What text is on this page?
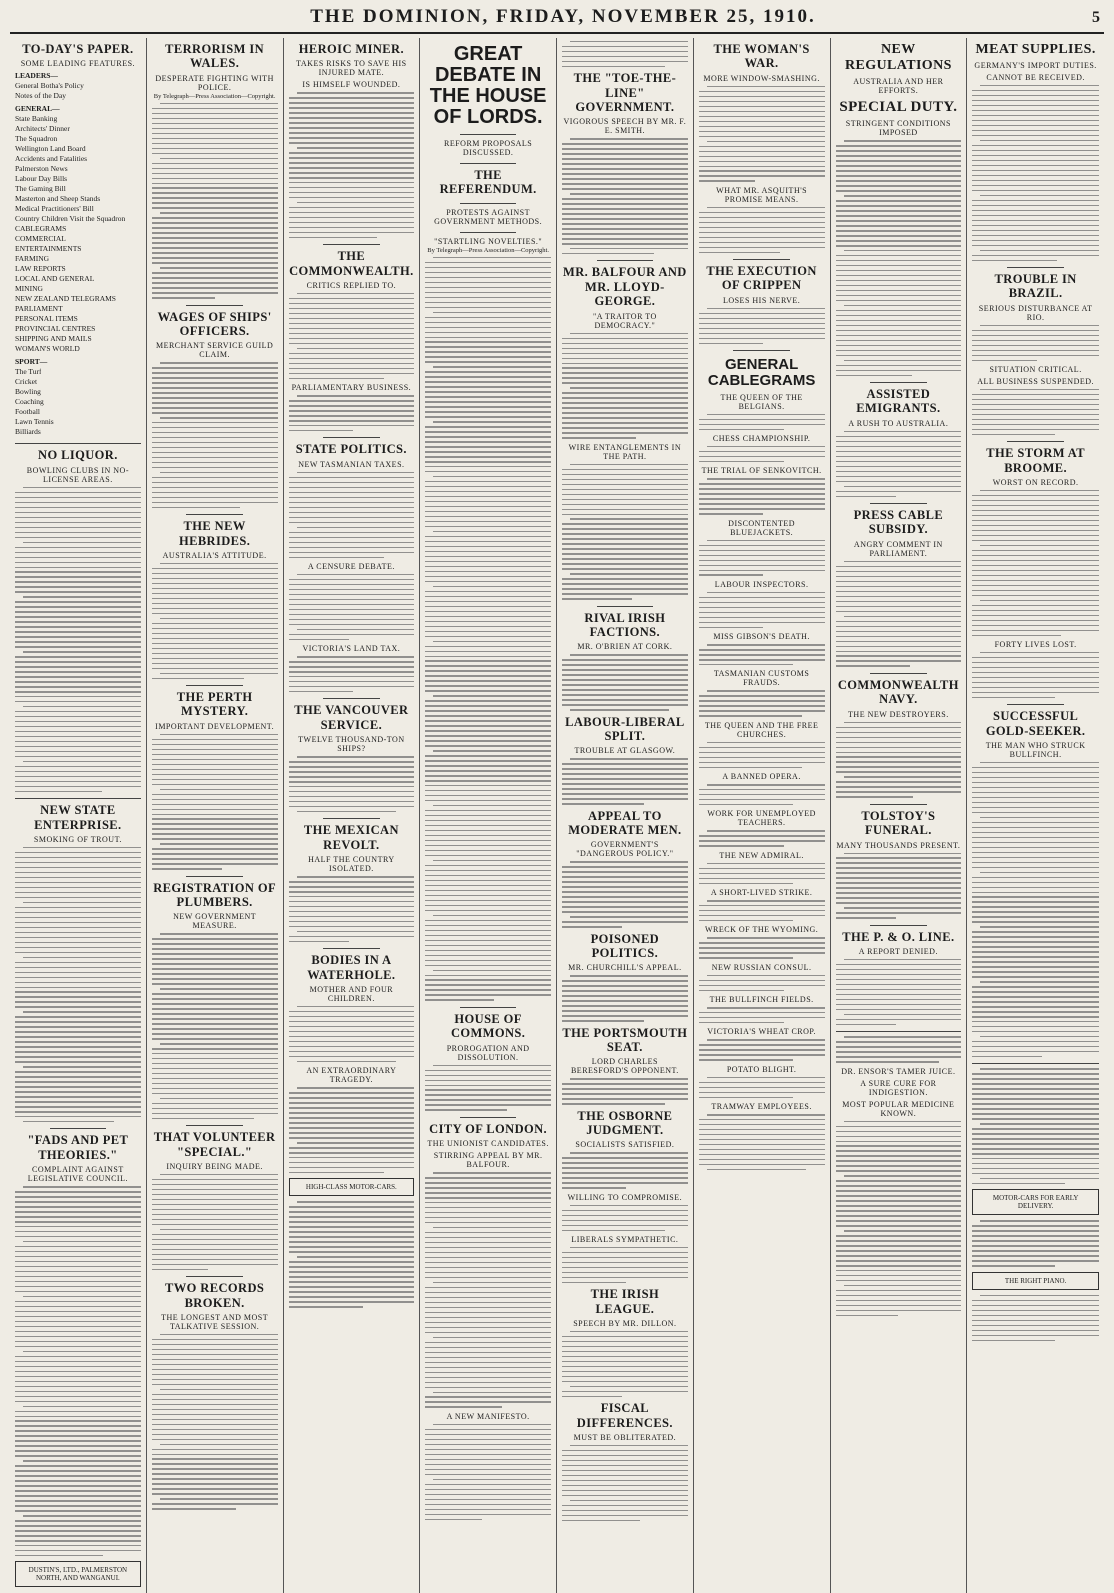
THE DOMINION, FRIDAY, NOVEMBER 25, 1910.	5
TO-DAY'S PAPER.
SOME LEADING FEATURES.
LEADERS—
General Botha's Policy
Notes of the Day
GENERAL—
State Banking
Architects' Dinner
The Squadron
Wellington Land Board
Accidents and Fatalities
Palmerston News
Labour Day Bills
The Gaming Bill
Masterton and Sheep Stands
Medical Practitioners' Bill
Country Children Visit the Squadron
CABLEGRAMS
COMMERCIAL
ENTERTAINMENTS
FARMING
LAW REPORTS
LOCAL AND GENERAL
MINING
NEW ZEALAND TELEGRAMS
PARLIAMENT
PERSONAL ITEMS
PROVINCIAL CENTRES
SHIPPING AND MAILS
WOMAN'S WORLD
SPORT—
The Turf
Cricket
Bowling
Coaching
Football
Lawn Tennis
Billiards
NO LIQUOR.
BOWLING CLUBS IN NO-LICENSE AREAS.
NEW STATE ENTERPRISE.
SMOKING OF TROUT.
"FADS AND PET THEORIES."
COMPLAINT AGAINST LEGISLATIVE COUNCIL.
DUSTIN'S, LTD., PALMERSTON NORTH, AND WANGANUI.
TERRORISM IN WALES.
DESPERATE FIGHTING WITH POLICE.
By Telegraph—Press Association—Copyright.
WAGES OF SHIPS' OFFICERS.
MERCHANT SERVICE GUILD CLAIM.
THE NEW HEBRIDES.
AUSTRALIA'S ATTITUDE.
THE PERTH MYSTERY.
IMPORTANT DEVELOPMENT.
REGISTRATION OF PLUMBERS.
NEW GOVERNMENT MEASURE.
THAT VOLUNTEER "SPECIAL."
INQUIRY BEING MADE.
TWO RECORDS BROKEN.
THE LONGEST AND MOST TALKATIVE SESSION.
HEROIC MINER.
TAKES RISKS TO SAVE HIS INJURED MATE.
IS HIMSELF WOUNDED.
THE COMMONWEALTH.
CRITICS REPLIED TO.
PARLIAMENTARY BUSINESS.
STATE POLITICS.
NEW TASMANIAN TAXES.
A CENSURE DEBATE.
VICTORIA'S LAND TAX.
THE VANCOUVER SERVICE.
TWELVE THOUSAND-TON SHIPS?
THE MEXICAN REVOLT.
HALF THE COUNTRY ISOLATED.
BODIES IN A WATERHOLE.
MOTHER AND FOUR CHILDREN.
AN EXTRAORDINARY TRAGEDY.
HIGH-CLASS MOTOR-CARS.
GREAT DEBATE IN THE HOUSE OF LORDS.
REFORM PROPOSALS DISCUSSED.
THE REFERENDUM.
PROTESTS AGAINST GOVERNMENT METHODS.
"STARTLING NOVELTIES."
By Telegraph—Press Association—Copyright.
HOUSE OF COMMONS.
PROROGATION AND DISSOLUTION.
CITY OF LONDON.
THE UNIONIST CANDIDATES.
STIRRING APPEAL BY MR. BALFOUR.
A NEW MANIFESTO.
THE "TOE-THE-LINE" GOVERNMENT.
VIGOROUS SPEECH BY MR. F. E. SMITH.
MR. BALFOUR AND MR. LLOYD-GEORGE.
"A TRAITOR TO DEMOCRACY."
WIRE ENTANGLEMENTS IN THE PATH.
RIVAL IRISH FACTIONS.
MR. O'BRIEN AT CORK.
LABOUR-LIBERAL SPLIT.
TROUBLE AT GLASGOW.
APPEAL TO MODERATE MEN.
GOVERNMENT'S "DANGEROUS POLICY."
POISONED POLITICS.
MR. CHURCHILL'S APPEAL.
THE PORTSMOUTH SEAT.
LORD CHARLES BERESFORD'S OPPONENT.
THE OSBORNE JUDGMENT.
SOCIALISTS SATISFIED.
WILLING TO COMPROMISE.
LIBERALS SYMPATHETIC.
THE IRISH LEAGUE.
SPEECH BY MR. DILLON.
FISCAL DIFFERENCES.
MUST BE OBLITERATED.
THE WOMAN'S WAR.
MORE WINDOW-SMASHING.
WHAT MR. ASQUITH'S PROMISE MEANS.
THE EXECUTION OF CRIPPEN
LOSES HIS NERVE.
GENERAL CABLEGRAMS
THE QUEEN OF THE BELGIANS.
CHESS CHAMPIONSHIP.
THE TRIAL OF SENKOVITCH.
DISCONTENTED BLUEJACKETS.
LABOUR INSPECTORS.
MISS GIBSON'S DEATH.
TASMANIAN CUSTOMS FRAUDS.
THE QUEEN AND THE FREE CHURCHES.
A BANNED OPERA.
WORK FOR UNEMPLOYED TEACHERS.
THE NEW ADMIRAL.
A SHORT-LIVED STRIKE.
WRECK OF THE WYOMING.
NEW RUSSIAN CONSUL.
THE BULLFINCH FIELDS.
VICTORIA'S WHEAT CROP.
POTATO BLIGHT.
TRAMWAY EMPLOYEES.
NEW REGULATIONS
AUSTRALIA AND HER EFFORTS.
SPECIAL DUTY.
STRINGENT CONDITIONS IMPOSED
ASSISTED EMIGRANTS.
A RUSH TO AUSTRALIA.
PRESS CABLE SUBSIDY.
ANGRY COMMENT IN PARLIAMENT.
COMMONWEALTH NAVY.
THE NEW DESTROYERS.
TOLSTOY'S FUNERAL.
MANY THOUSANDS PRESENT.
THE P. & O. LINE.
A REPORT DENIED.
DR. ENSOR'S TAMER JUICE.
A SURE CURE FOR INDIGESTION.
MOST POPULAR MEDICINE KNOWN.
MEAT SUPPLIES.
GERMANY'S IMPORT DUTIES.
CANNOT BE RECEIVED.
TROUBLE IN BRAZIL.
SERIOUS DISTURBANCE AT RIO.
SITUATION CRITICAL.
ALL BUSINESS SUSPENDED.
THE STORM AT BROOME.
WORST ON RECORD.
FORTY LIVES LOST.
SUCCESSFUL GOLD-SEEKER.
THE MAN WHO STRUCK BULLFINCH.
MOTOR-CARS FOR EARLY DELIVERY.
THE RIGHT PIANO.
